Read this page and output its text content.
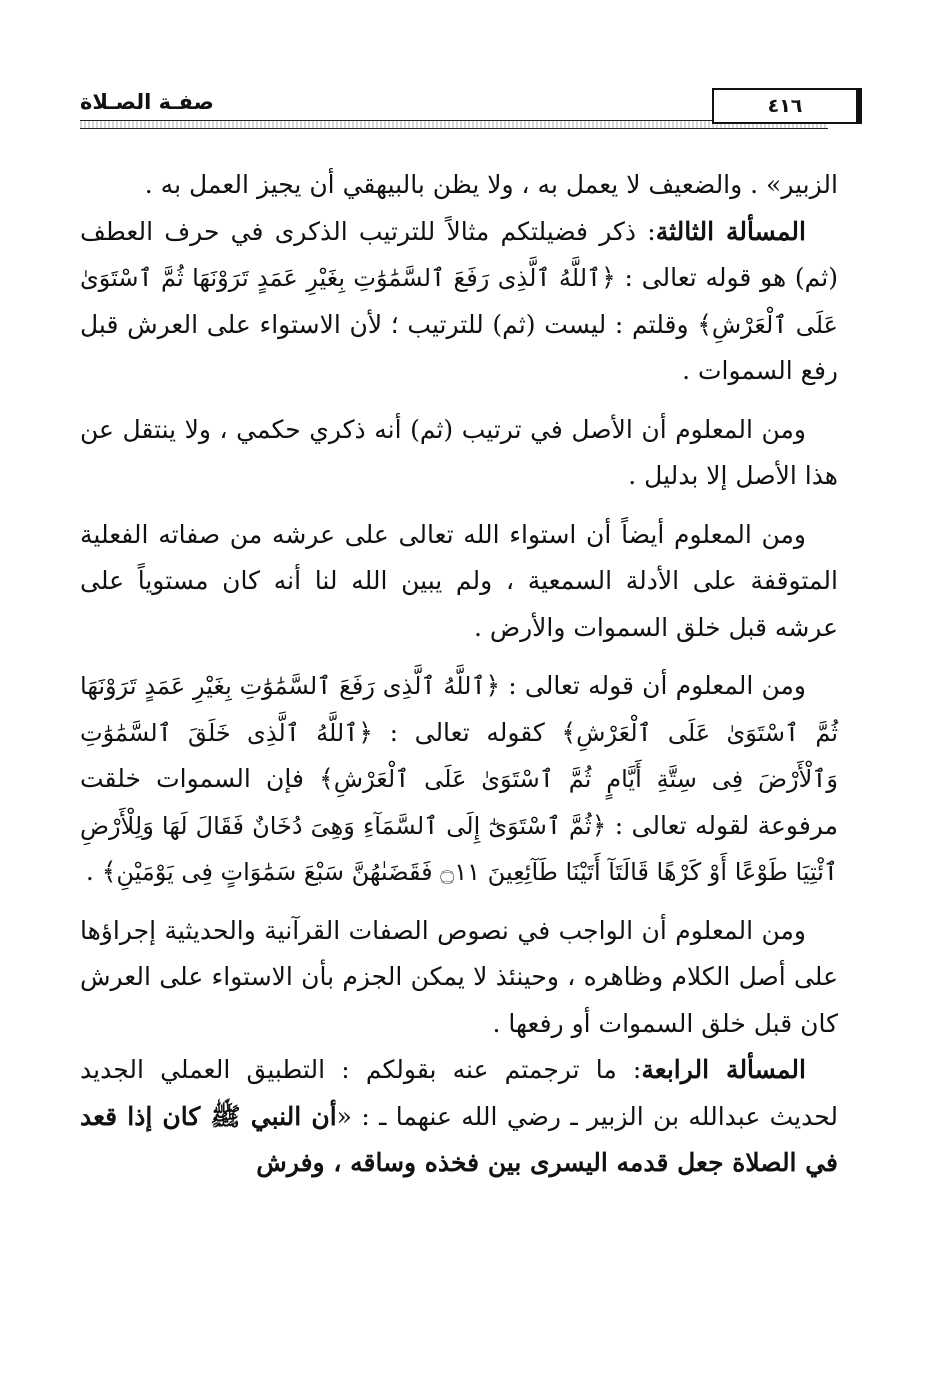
صفـة الصـلاة	٤١٦

الزبير» . والضعيف لا يعمل به ، ولا يظن بالبيهقي أن يجيز العمل به .

المسألة الثالثة: ذكر فضيلتكم مثالاً للترتيب الذكرى في حرف العطف (ثم) هو قوله تعالى : ﴿ٱللَّهُ ٱلَّذِى رَفَعَ ٱلسَّمَٰوَٰتِ بِغَيْرِ عَمَدٍ تَرَوْنَهَا ثُمَّ ٱسْتَوَىٰ عَلَى ٱلْعَرْشِ﴾ وقلتم : ليست (ثم) للترتيب ؛ لأن الاستواء على العرش قبل رفع السموات .

ومن المعلوم أن الأصل في ترتيب (ثم) أنه ذكري حكمي ، ولا ينتقل عن هذا الأصل إلا بدليل .

ومن المعلوم أيضاً أن استواء الله تعالى على عرشه من صفاته الفعلية المتوقفة على الأدلة السمعية ، ولم يبين الله لنا أنه كان مستوياً على عرشه قبل خلق السموات والأرض .

ومن المعلوم أن قوله تعالى : ﴿ٱللَّهُ ٱلَّذِى رَفَعَ ٱلسَّمَٰوَٰتِ بِغَيْرِ عَمَدٍ تَرَوْنَهَا ثُمَّ ٱسْتَوَىٰ عَلَى ٱلْعَرْشِ﴾ كقوله تعالى : ﴿ٱللَّهُ ٱلَّذِى خَلَقَ ٱلسَّمَٰوَٰتِ وَٱلْأَرْضَ فِى سِتَّةِ أَيَّامٍ ثُمَّ ٱسْتَوَىٰ عَلَى ٱلْعَرْشِ﴾ فإن السموات خلقت مرفوعة لقوله تعالى : ﴿ثُمَّ ٱسْتَوَىٰٓ إِلَى ٱلسَّمَآءِ وَهِىَ دُخَانٌ فَقَالَ لَهَا وَلِلْأَرْضِ ٱئْتِيَا طَوْعًا أَوْ كَرْهًا قَالَتَآ أَتَيْنَا طَآئِعِينَ ۝١١ فَقَضَىٰهُنَّ سَبْعَ سَمَٰوَاتٍ فِى يَوْمَيْنِ﴾ .

ومن المعلوم أن الواجب في نصوص الصفات القرآنية والحديثية إجراؤها على أصل الكلام وظاهره ، وحينئذ لا يمكن الجزم بأن الاستواء على العرش كان قبل خلق السموات أو رفعها .

المسألة الرابعة: ما ترجمتم عنه بقولكم : التطبيق العملي الجديد لحديث عبدالله بن الزبير ـ رضي الله عنهما ـ : «أن النبي ﷺ كان إذا قعد في الصلاة جعل قدمه اليسرى بين فخذه وساقه ، وفرش
